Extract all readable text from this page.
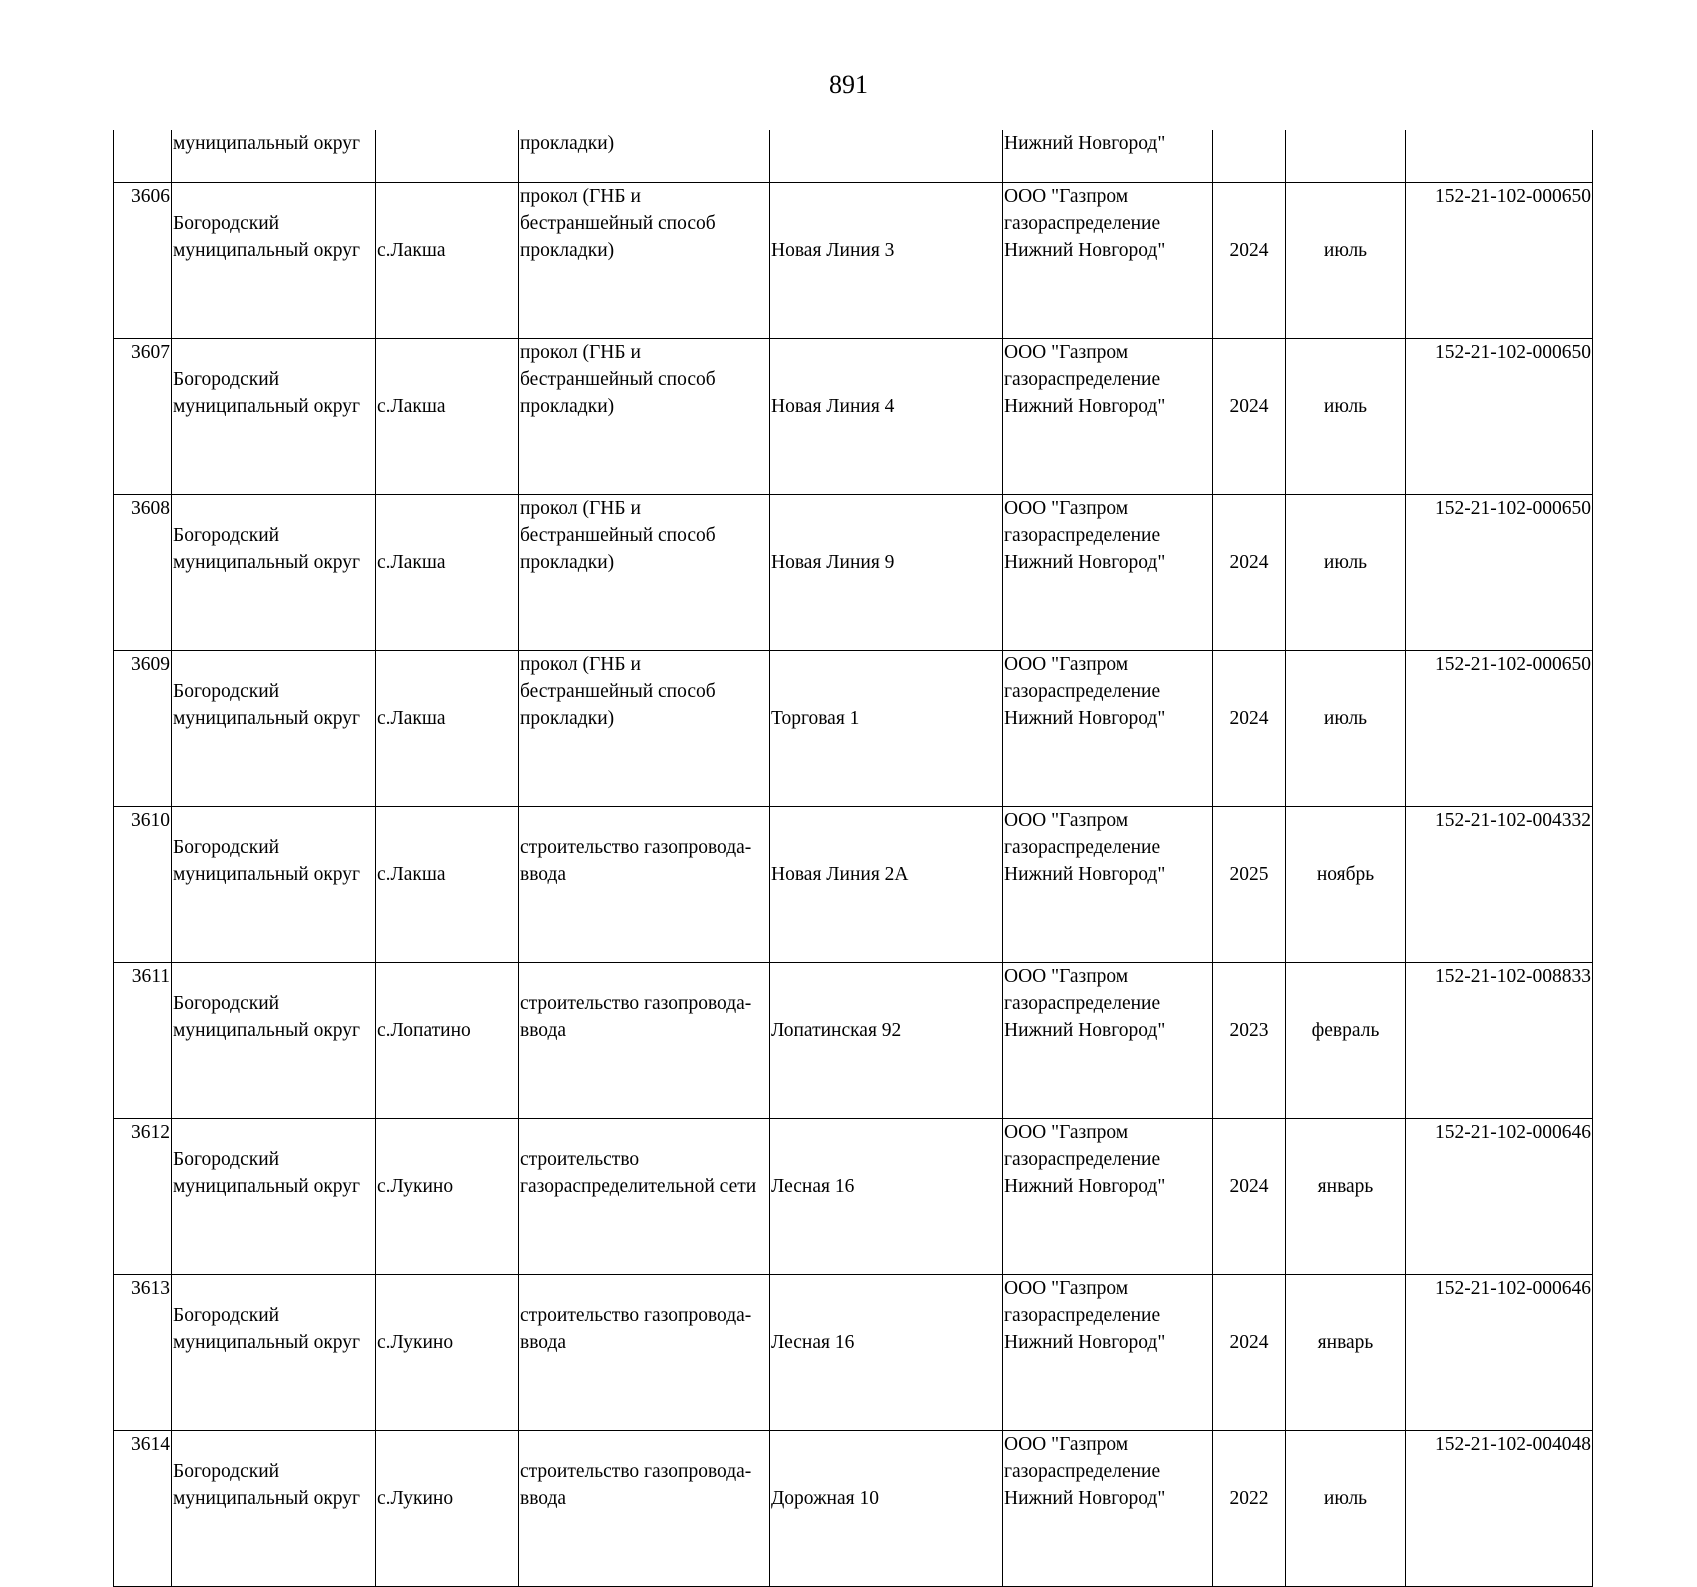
891
	муниципальный округ		прокладки)		Нижний Новгород"			
3606	Богородский
муниципальный округ	с.Лакша	прокол (ГНБ и
бестраншейный способ
прокладки)	Новая Линия 3	ООО "Газпром
газораспределение
Нижний Новгород"	2024	июль	152-21-102-000650
3607	Богородский
муниципальный округ	с.Лакша	прокол (ГНБ и
бестраншейный способ
прокладки)	Новая Линия 4	ООО "Газпром
газораспределение
Нижний Новгород"	2024	июль	152-21-102-000650
3608	Богородский
муниципальный округ	с.Лакша	прокол (ГНБ и
бестраншейный способ
прокладки)	Новая Линия 9	ООО "Газпром
газораспределение
Нижний Новгород"	2024	июль	152-21-102-000650
3609	Богородский
муниципальный округ	с.Лакша	прокол (ГНБ и
бестраншейный способ
прокладки)	Торговая 1	ООО "Газпром
газораспределение
Нижний Новгород"	2024	июль	152-21-102-000650
3610	Богородский
муниципальный округ	с.Лакша	строительство газопровода-
ввода	Новая Линия 2А	ООО "Газпром
газораспределение
Нижний Новгород"	2025	ноябрь	152-21-102-004332
3611	Богородский
муниципальный округ	с.Лопатино	строительство газопровода-
ввода	Лопатинская 92	ООО "Газпром
газораспределение
Нижний Новгород"	2023	февраль	152-21-102-008833
3612	Богородский
муниципальный округ	с.Лукино	строительство
газораспределительной сети	Лесная 16	ООО "Газпром
газораспределение
Нижний Новгород"	2024	январь	152-21-102-000646
3613	Богородский
муниципальный округ	с.Лукино	строительство газопровода-
ввода	Лесная 16	ООО "Газпром
газораспределение
Нижний Новгород"	2024	январь	152-21-102-000646
3614	Богородский
муниципальный округ	с.Лукино	строительство газопровода-
ввода	Дорожная 10	ООО "Газпром
газораспределение
Нижний Новгород"	2022	июль	152-21-102-004048
